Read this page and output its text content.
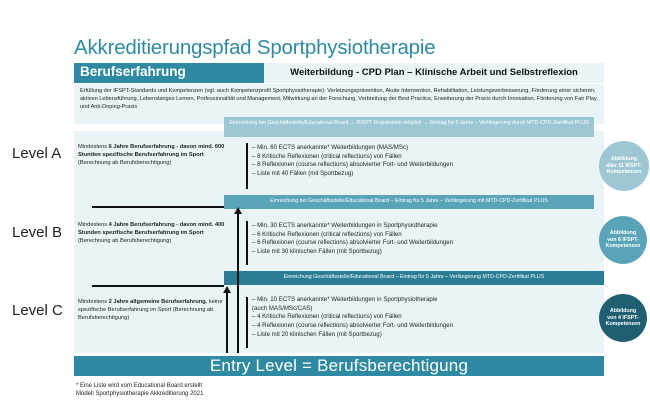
Akkreditierungspfad Sportphysiotherapie
Berufserfahrung	Weiterbildung - CPD Plan – Klinische Arbeit und Selbstreflexion
Erfüllung der IFSPT-Standards und Kompetenzen (vgl. auch Kompetenzprofil Sportphysiotherapie): Verletzungsprävention, Akute Intervention, Rehabilitation, Leistungsverbesserung, Förderung einer sicheren, aktiven Lebensführung, Lebenslanges Lernen, Professionalität und Management, Mitwirkung an der Forschung, Verbreitung der Best Practice, Erweiterung der Praxis durch Innovation, Förderung von Fair Play und Anti-Doping-Praxis
Einreichung bei Geschäftsstelle/Educational Board → RISPT Registration möglich → Eintrag für 5 Jahre – Verlängerung durch MTD-CPD-Zertifikat PLUS
Level A	Mindestens 6 Jahre Berufserfahrung - davon mind. 600 Stunden spezifische Berufserfahrung im Sport (Berechnung ab Berufsberechtigung)
– Min. 60 ECTS anerkannte* Weiterbildungen (MAS/MSc)
– 8 Kritische Reflexionen (critical reflections) von Fällen
– 8 Reflexionen (course reflections) absolvierter Fort- und Weiterbildungen
– Liste mit 40 Fällen (mit Sportbezug)
Abbildung aller 11 IFSPT-Kompetenzen
Einreichung bei Geschäftsstelle/Educational Board – Eintrag für 5 Jahre – Verlängerung mit MTD-CPD-Zertifikat PLUS
Level B	Mindestens 4 Jahre Berufserfahrung - davon mind. 400 Stunden spezifische Berufserfahrung im Sport (Berechnung ab Berufsberechtigung)
– Min. 30 ECTS anerkannte* Weiterbildungen in Sportphysiotherapie
– 6 Kritische Reflexionen (critical reflections) von Fällen
– 6 Reflexionen (course reflections) absolvierter Fort- und Weiterbildungen
– Liste mit 30 klinischen Fällen (mit Sportbezug)
Abbildung von 6 IFSPT-Kompetenzen
Einreichung Geschäftsstelle/Educational Board – Eintrag für 5 Jahre – Verlängerung MTD-CPD-Zertifikat PLUS
Level C	Mindestens 2 Jahre allgemeine Berufserfahrung, keine spezifische Berufserfahrung im Sport (Berechnung ab Berufsberechtigung)
– Min. 10 ECTS anerkannte* Weiterbildungen in Sportphysiotherapie
(auch MAS/MSc/CAS)
– 4 Kritische Reflexionen (critical reflections) von Fällen
– 4 Reflexionen (course reflections) absolvierter Fort- und Weiterbildungen
– Liste mit 20 klinischen Fällen (mit Sportbezug)
Abbildung von 4 IFSPT-Kompetenzen
Entry Level = Berufsberechtigung
* Eine Liste wird vom Educational Board erstellt
Modell Sportphysiotherapie Akkreditierung 2021
